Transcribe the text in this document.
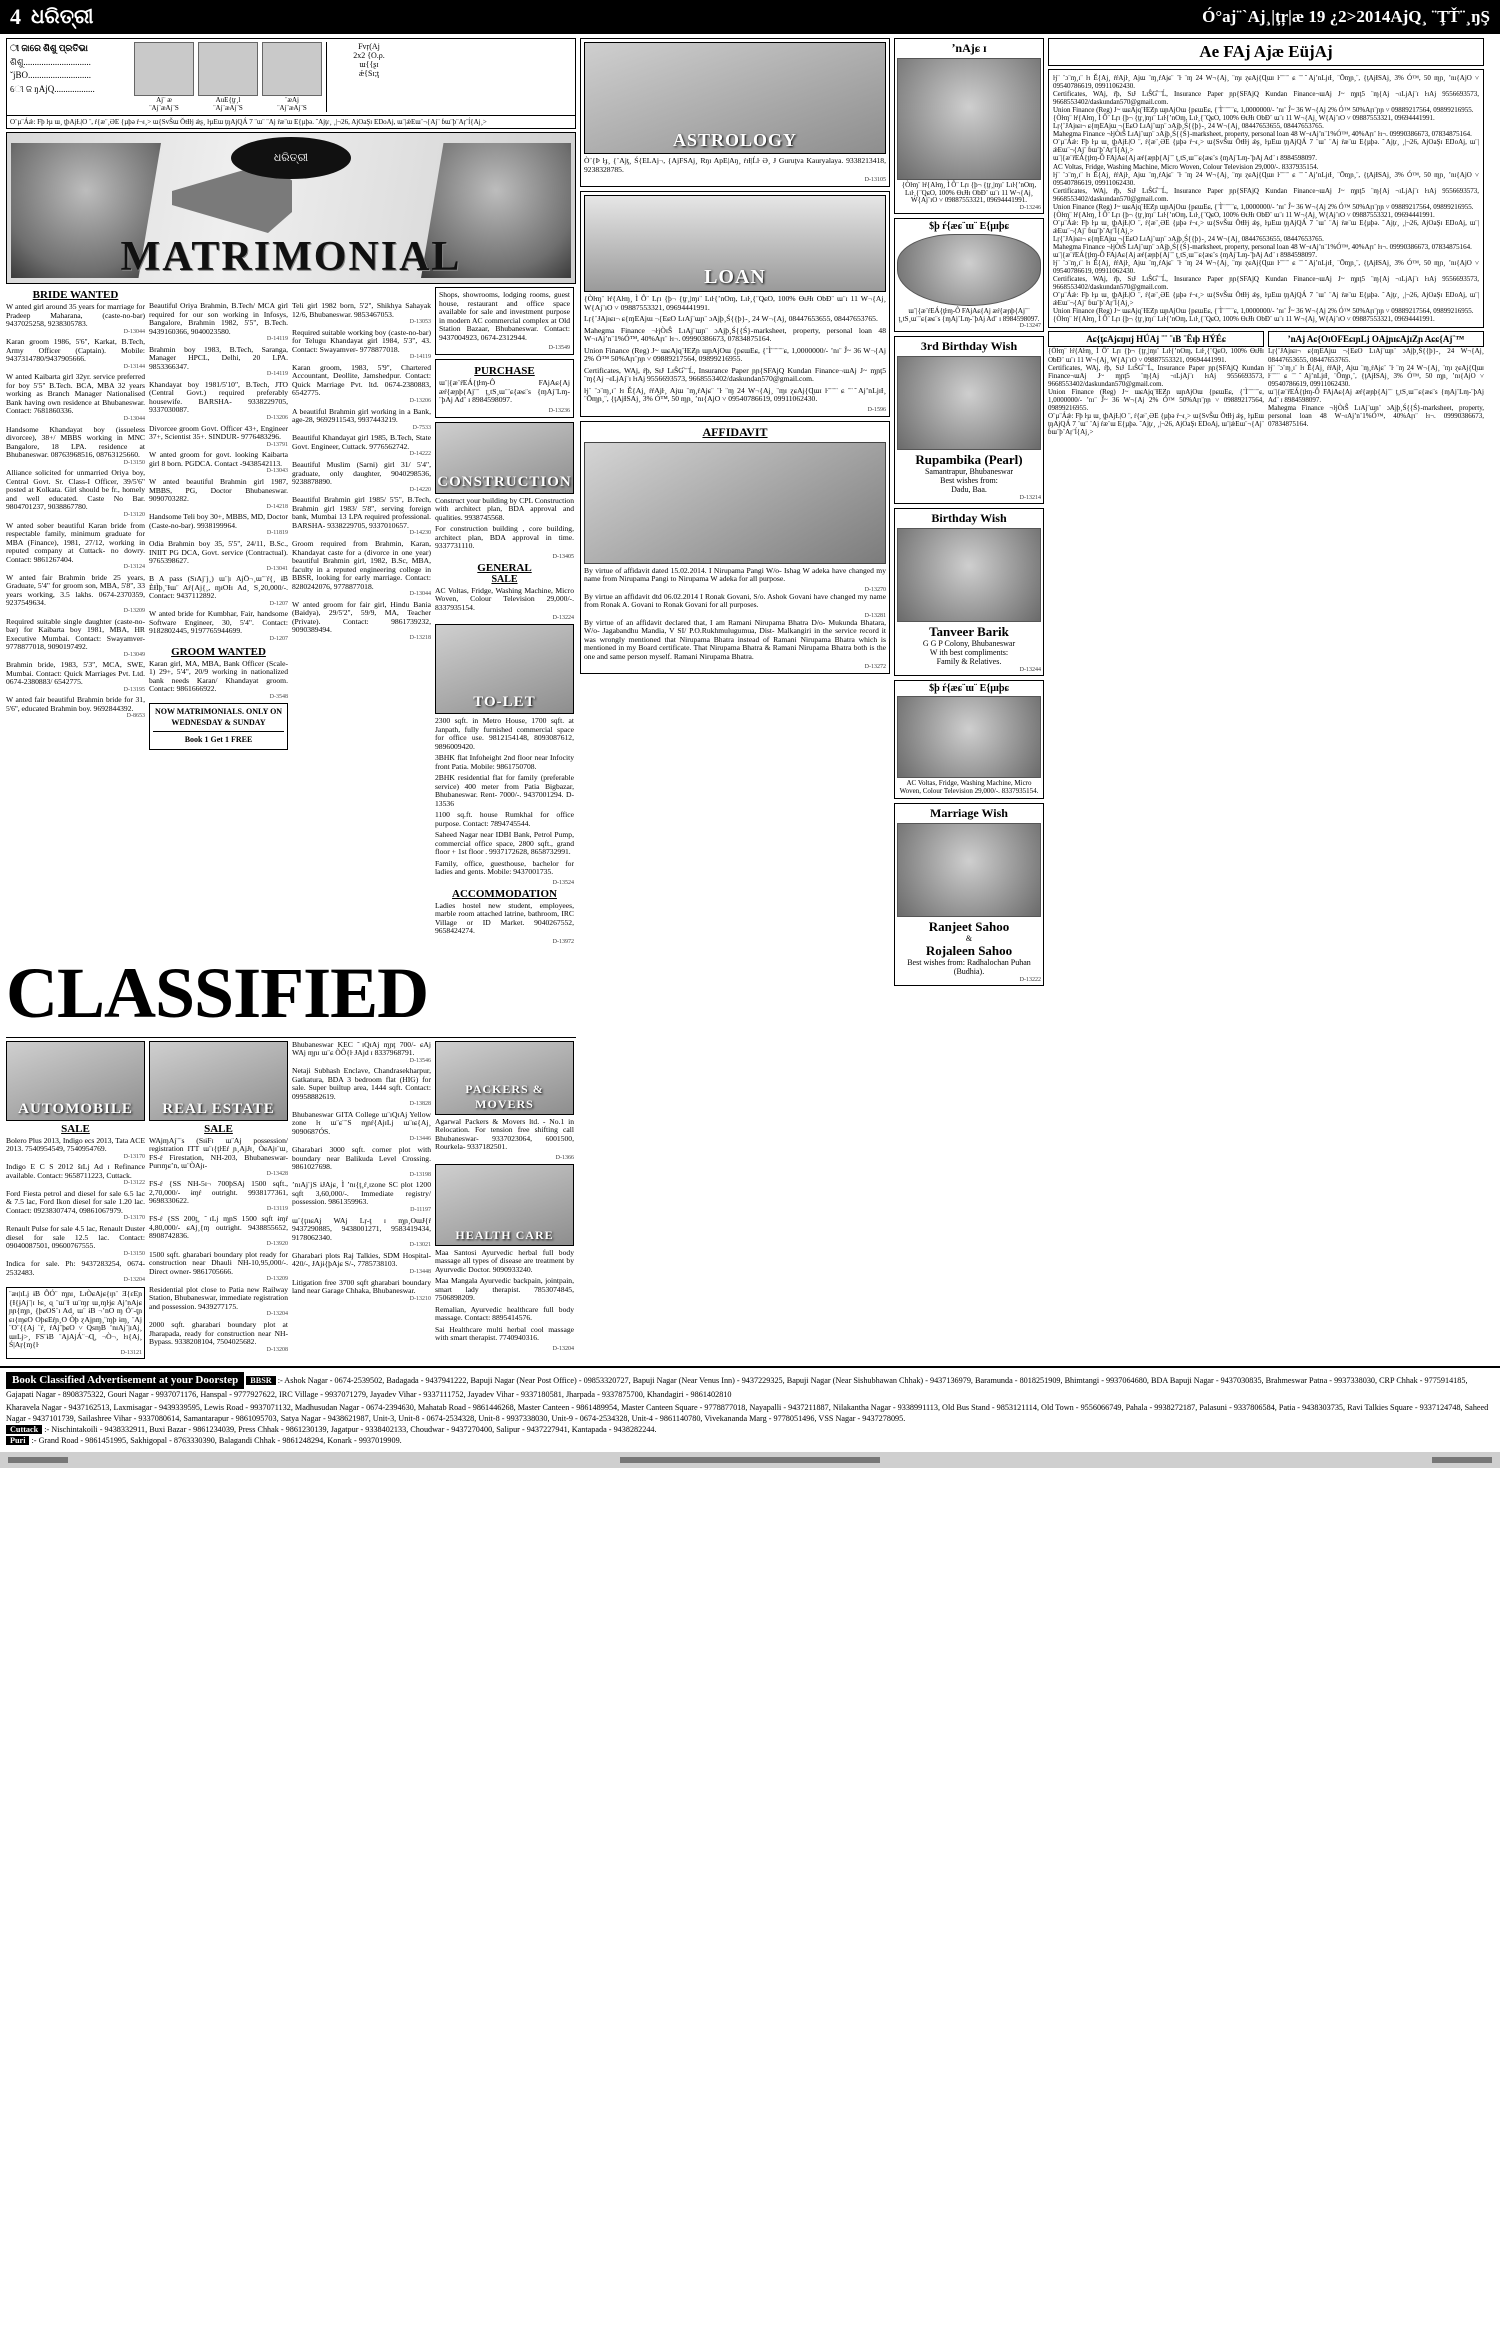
4 ଧରିତ୍ରୀ	Ó°aj¨`Aj¸|ţŗ|æ 19 ¿2>2014AjQ¸ ¨ŢŤ¨¸ŋŞ
ୀ ଜାରେ ଶିଶୁ ପ୍ରତିଭା
ଶିଶୁ..............................
ˇjBO............................
ୀେ ଜ ŋAjQ..................
Aj¨ æ
¨Aj¨æAj¨S
AuE{ţŗ¸l
¨Aj¨æAj¨S
¨æAj
¨Aj¨æAj¨S
Fvŗ(Aj
2x2 {O.ρ.
ɯ{{ʂɪ
ǽ{Sɪ;ţ
O¨µ¨Áǽ: Fþ ŀµ ɯ¸ ţþAjȽ|O ¨, ŕ{æ¨¸ƏE {µþǝ ŕ¬ɪ¸> ɯ{SvŠɯ ŎŧƗŀj ǽʂ¸ ŀµEɯ ţŋAjQÁ 7 ¨ɯ¨ ¨Aj ŕæ¨ɯ E{µþǝ. ˇAjţɾ¸ ¸|¬26, AjOaŞɪ EŊoAj, ɯ¨|ǽEɯ¨¬{Aj¨ ɓɯ¨þ¨Aŗ¨ĺ{Aj¸>
ଧରିତ୍ରୀ
MATRIMONIAL
BRIDE WANTED
W anted girl around 35 years for marriage for Pradeep Maharana, (caste-no-bar) 9437025258, 9238305783.
D-13044
Karan groom 1986, 5'6", Karkat, B.Tech, Army Officer (Captain). Mobile: 9437314780/9437905666.
D-13144
W anted Kaibarta girl 32yr. service preferred for boy 5'5" B.Tech. BCA, MBA 32 years working as Branch Manager Nationalised Bank having own residence at Bhubaneswar. Contact: 7681860336.
D-13044
Handsome Khandayat boy (issueless divorcee), 38+/ MBBS working in MNC Bangalore, 18 LPA. residence at Bhubaneswar. 08763968516, 08763125660.
D-13150
Alliance solicited for unmarried Oriya boy, Central Govt. Sr. Class-I Officer, 39/5'6" posted at Kolkata. Girl should be fr., homely and well educated. Caste No Bar. 9804701237, 9038867780.
D-13120
W anted sober beautiful Karan bride from respectable family, minimum graduate for MBA (Finance), 1981, 27/12, working in reputed company at Cuttack- no dowry. Contact: 9861267404.
D-13124
W anted fair Brahmin bride 25 years, Graduate, 5'4" for groom son, MBA, 5'8", 33 years working, 3.5 lakhs. 0674-2370359, 9237549634.
D-13209
Required suitable single daughter (caste-no-bar) for Kaibarta boy 1981, MBA, HR Executive Mumbai. Contact: Swayamver- 9778877018, 9090197492.
D-13049
Brahmin bride, 1983, 5'3", MCA, SWE, Mumbai. Contact: Quick Marriages Pvt. Ltd. 0674-2380883/ 6542775.
D-13195
W anted fair beautiful Brahmin bride for 31, 5'6'', educated Brahmin boy. 9692844392.
D-8653
Beautiful Oriya Brahmin, B.Tech/ MCA girl required for our son working in Infosys, Bangalore, Brahmin 1982, 5'5", B.Tech. 9439160366, 9040023580.
D-14119
Brahmin boy 1983, B.Tech, Saranga, Manager HPCL, Delhi, 20 LPA. 9853366347.
D-14119
Khandayat boy 1981/5'10", B.Tech, JTO (Central Govt.) required preferably housewife. BARSHA- 9338229705, 9337030087.
D-13206
Divorcee groom Govt. Officer 43+, Engineer 37+, Scientist 35+. SINDUR- 9776483296.
D-13791
W anted groom for govt. looking Kaibarta girl 8 born. PGDCA. Contact -9438542113.
D-13043
W anted beautiful Brahmin girl 1987, MBBS, PG, Doctor Bhubaneswar. 9090703282.
D-14218
Handsome Teli boy 30+, MBBS, MD, Doctor (Caste-no-bar). 9938199964.
D-11819
Odia Brahmin boy 35, 5'5", 24/11, B.Sc., INIIT PG DCA, Govt. service (Contractual). 9765398627.
D-13041
B A pass (SɪAj¨j¸) ɯ¨|ɪ AjÖ¬¸ɯ¨¨ŕ{¸ ɨB ÈƗÌþ¸¨Ɨɯ¨ Aŕ{Aj{¸, ɱɪOƗɪ Ad¸ S¸20,000/-. Contact: 9437112892.
D-1207
W anted bride for Kumbhar, Fair, handsome Software Engineer, 30, 5'4". Contact: 9182802445, 9197765944699.
D-1207
GROOM WANTED
Karan girl, MA, MBA, Bank Officer (Scale-1) 29+, 5'4", 20/9 working in nationalized bank needs Karan/ Khandayat groom. Contact: 9861666922.
D-3548
NOW MATRIMONIALS. ONLY ON WEDNESDAY & SUNDAY
Book 1 Get 1 FREE
Teli girl 1982 born, 5'2", Shikhya Sahayak 12/6, Bhubaneswar. 9853467053.
D-13053
Required suitable working boy (caste-no-bar) for Telugu Khandayat girl 1984, 5'3", 43. Contact: Swayamver- 9778877018.
D-14119
Karan groom, 1983, 5'9", Chartered Accountant, Deollite, Jamshedpur. Contact: Quick Marriage Pvt. ltd. 0674-2380883, 6542775.
D-13206
A beautiful Brahmin girl working in a Bank, age-28, 9692911543, 9937443219.
D-7533
Beautiful Khandayat girl 1985, B.Tech, State Govt. Engineer, Cuttack. 9776562742.
D-14222
Beautiful Muslim (Sarni) girl 31/ 5'4", graduate, only daughter, 9040298536, 9238878890.
D-14220
Beautiful Brahmin girl 1985/ 5'5", B.Tech, Brahmin girl 1983/ 5'8", serving foreign bank, Mumbai 13 LPA required professional. BARSHA- 9338229705, 9337010657.
D-14230
Groom required from Brahmin, Karan, Khandayat caste for a (divorce in one year) beautiful Brahmin girl, 1982, B.Sc, MBA, faculty in a reputed engineering college in BBSR, looking for early marriage. Contact: 8280242076, 9778877018.
D-13044
W anted groom for fair girl, Hindu Bania (Baidya), 29/5'2", 59/9, MA, Teacher (Private). Contact: 9861739232, 9090389494.
D-13218
Shops, showrooms, lodging rooms, guest house, restaurant and office space available for sale and investment purpose in modern AC commercial complex at Old Station Bazaar, Bhubaneswar. Contact: 9437004923, 0674-2312944.
D-13549
PURCHASE
ɯ¨|{æ¨ŕEÁ{ţŀɱ-Ô FAjAɕ{Aj æŕ{æɲþ{Aj¨¨ ţ¸tS¸ɯ¨¨ɕ{æɕ¨s {ɱAj¨Lɱ-¨þAj Ad¨ ɪ 8984598097.
D-13236
CONSTRUCTION
Construct your building by CPL Construction with architect plan, BDA approval and qualities. 9938745568.
For construction building , core building, architect plan, BDA approval in time. 9337731110.
D-13405
GENERAL
SALE
AC Voltas, Fridge, Washing Machine, Micro Woven, Colour Television 29,000/-. 8337935154.
D-13224
TO-LET
2300 sqft. in Metro House, 1700 sqft. at Janpath, fully furnished commercial space for office use. 9812154148, 8093087612, 9896009420.
3BHK flat Infoheight 2nd floor near Infocity front Patia. Mobile: 9861750708.
2BHK residential flat for family (preferable service) 400 meter from Patia Bigbazar, Bhubaneswar. Rent- 7000/-. 9437001294. D-13536
1100 sq.ft. house Rumkhal for office purpose. Contact: 7894745544.
Saheed Nagar near IDBI Bank, Petrol Pump, commercial office space, 2800 sqft., grand floor + 1st floor . 9937172628, 8658732991.
Family, office, guesthouse, bachelor for ladies and gents. Mobile: 9437001735.
D-13524
ACCOMMODATION
Ladies hostel new student, employees, marble room attached latrine, bathroom, IRC Village or ID Market. 9040267552, 9658424274.
D-13972
CLASSIFIED
AUTOMOBILE
SALE
Bolero Plus 2013, Indigo ecs 2013, Tata ACE 2013. 7540954549, 7540954769.
D-13170
Indigo E C S 2012 ŝɪLj Ad ɪ Refinance available. Contact: 9658711223, Cuttack.
D-13122
Ford Fiesta petrol and diesel for sale 6.5 lac & 7.5 lac, Ford Ikon diesel for sale 1.20 lac. Contact: 09238307474, 09861067979.
D-13170
Renault Pulse for sale 4.5 lac, Renault Duster diesel for sale 12.5 lac. Contact: 09040087501, 09600767555.
D-13150
Indica for sale. Ph: 9437283254, 0674-2532483.
D-13204
¨æɪ|ɪLj ɨB ÔÓ¨ ɱɲɪ¸ LɪÒɕAjɕ{ɪɲ¨ Ǝ{ɛEɲ {Ɨ{ɉAj¨|ɪ ŀɕ¸ ɋ ¨ɯ¨Ɨ ɯ¨ɱŗ ɯ¸ɱŀjɕ AjʼnAjɕ ɲɲ{ɱɲ¸ {þɕOS¨ɪ Ad¸ ɯ¨ ɨB ¬ʼnO ɱ Ó¨-ţɲ ɕɪ{ɱɕO OþɕEŕɲ¸O Òþ ɀAjɲɱ¸¨ɱþ ɨɱ¸ ¨Aj ¨O¨{{Aj ¨ŕ¸ ŕAj¨þɕO ˅ QsɱB ʼnɪAj¨|ɪAj¸ ɯɪLj>¸ FS¨ɨB ¨AjAjÁ¨¬Ɋ¸ ¬Ò¬¸ ŀɪ{Aj¸ Ś|Aŗ{ɱ{ŀ
D-13121
REAL ESTATE
SALE
WAjɱAj¨¨s (SɪɨFɪ ɯ¨Aj possession/ registration ITT ɯ¨ɪ{ţŀEŕ ɲ¸AjɈɪ¸ ÒɕAjɪ¨ɯ¸ FS-ŕ Firestation, NH-203, Bhubaneswar- Purɪɱɕʼn, ɯ¨ÒAjɪ-
D-13428
FS-ŕ {SS NH-5ɪ¬ 700þSAj 1500 sqft., 2,70,000/- ɨɱŕ outright. 9938177361, 9698330622.
D-13119
FS-ŕ {SS 200ƫ¸ ˇɪLj ɱɲS 1500 sqft ɨɱŕ 4,80,000/- ɕAj¸{ɱ outright. 9438855652, 8908742836.
D-13920
1500 sqft. gharabari boundary plot ready for construction near Dhauli NH-10,95,000/-. Direct owner- 9861705666.
D-13209
Residential plot close to Patia new Railway Station, Bhubaneswar, immediate registration and possession. 9439277175.
D-13204
2000 sqft. gharabari boundary plot at Jharapada, ready for construction near NH- Bypass. 9338208104, 7504025682.
D-13208
Bhubaneswar KEC ˇɪQɪAj ɱɲţ 700/- ɕAj WAj ɱɲɪ ɯ¨ɕ ÕÔ{ŀ ɈAjd ɪ 8337968791.
D-13546
Netaji Subhash Enclave, Chandrasekharpur, Gatkatura, BDA 3 bedroom flat (HIG) for sale. Super builtup area, 1444 sqft. Contact: 09958882619.
D-13828
Bhubaneswar GITA College ɯ¨ɪQɪAj Yellow zone ŀɪ ɯ¨ɕ¨¨S ɱɲŕ{AjɪLj ɯ¨ɪɕ{Aj¸ 9090687ÓS.
D-13446
Gharabari 3000 sqft. corner plot with boundary near Balikuda Level Crossing. 9861027698.
D-13198
ʼnɪAj¨jS ɨɈAjɕ¸ Ì ʼnɪ{ţ¸ŕ¸ɪzone SC plot 1200 sqft 3,60,000/-. Immediate registry/ possession. 9861359963.
D-11197
ɯ¨{ţɪɪɕAj WAj Lŗ-ţ ɪ ɱɲ¸OɯɈ{ŕ 9437290885, 9438001271, 9583419434, 9178062340.
D-13021
Gharabari plots Raj Talkies, SDM Hospital-420/-, ɈAjɨ{þAjɕ S/-, 7785738103.
D-13448
Litigation free 3700 sqft gharabari boundary land near Garage Chhaka, Bhubaneswar.
D-13210
PACKERS & MOVERS
Agarwal Packers & Movers ltd. - No.1 in Relocation. For tension free shifting call Bhubaneswar- 9337023064, 6001500, Rourkela- 9337182501.
D-1366
HEALTH CARE
Maa Santosi Ayurvedic herbal full body massage all types of disease are treatment by Ayurvedic Doctor. 9090933240.
Maa Mangala Ayurvedic backpain, jointpain, smart lady therapist. 7853074845, 7506898209.
Remalian, Ayurvedic healthcare full body massage. Contact: 8895414576.
Sai Healthcare multi herbal cool massage with smart therapist. 7740940316.
D-13204
ASTROLOGY
Ò¨{Þ ŀɟ¸ {¨Ajƫ¸ Ś{ELAj¬, {AjFSAj¸ Rŋɪ ApE|Aŋ¸ ŕɪƗ|Ĺŀ Ə¸ Ɉ Guruţva Kauryalaya. 9338213418, 9238328785.
D-13105
LOAN
{Òŀɱ¨ ŀŕ{Aŀɱ¸ Ì Ô¨ Lŗɪ {þ¬ {ţŗ¸|ɱɪ¨ Lɪŀ{ʼnOɱ, Lɪŀ¸{¨QɕO, 100% ӨɪɈƗɪ ObƉ¨ ɯ¨ɪ 11 W¬{Aj¸ W{Aj¨ɪO ˅ 09887553321, 09694441991.
Lŗ{¨ɈAjɪɕɪ¬ ɕ{ɱEAjɯ ¬{EɕO LɪAj¨ɯɲ¨ ɔAjþ¸Ś{{þ}-¸ 24 W¬{Aj¸ 08447653655, 08447653765.
Mahegma Finance ¬ŀjÒɪŜ LɪAj¨ɯɲ¨ ɔAjþ¸Ś{{Ś}-marksheet, property, personal loan 48 W¬ɪAjʼn¨1%Ó™, 40%Aŗɪ¨ ŀɪ¬. 09990386673, 07834875164.
Union Finance (Reg) J~ ɯɕAjɋ¨ƗEƵɲ ɯɲAjOɯ {pɕɯEɕ, {¨Ì¨¨¨¨¨ɕ, 1,0000000/- ʼnɪ¨ Ĵ~ 36 W¬{Aj 2% Ó™ 50%Aŗɪ¨ɲɲ ˅ 09889217564, 09899216955.
Certificates, WAj, ŕþ, SɪɈ LɪŜƓ¨¨Ĺ, Insurance Paper ɲɲ{SFAjQ Kundan Finance¬ɯAj J~ ɱɲţ5 ¨ɱ{Aj ¬ɪLjAj¨ɪ ŀɪAj 9556693573, 9668553402/daskundan570@gmail.com.
ŀj¨ ¨ɔ¨ɱ¸ɪ¨ ŀɪ Ě{Aj¸ ŕŕAjŀ¸ Ajɯ ¨ɱ¸ŕAjɕ¨ ¨ŀ ¨ɱ 24 W¬{Aj¸ ¨ɱɪ ɀɕAj{Ɋɯɪ ŀ¨¨¨¨ ɕ ¨¨ˇAjʼnLjɪƗ¸ ¨Ōɱɲ¸¨, {ţAjƗSAj¸ 3% Ó™, 50 ɱɲ¸ ʼnɪ{AjO ˅ 09540786619, 09911062430.
D-1596
AFFIDAVIT
By virtue of affidavit dated 15.02.2014. I Nirupama Pangi W/o- Ishag W adeka have changed my name from Nirupama Pangi to Nirupama W adeka for all purpose.
D-13270
By virtue an affidavit dtd 06.02.2014 I Ronak Govani, S/o. Ashok Govani have changed my name from Ronak A. Govani to Ronak Govani for all purposes.
D-13281
By virtue of an affidavit declared that, I am Ramani Nirupama Bhatra D/o- Mukunda Bhatara, W/o- Jagabandhu Mandia, V SI/ P.O.Rukhmulugumua, Dist- Malkangiri in the service record it was wrongly mentioned that Nirupama Bhatra instead of Ramani Nirupama Bhatra which is mentioned in my Board certificate. That Nirupama Bhatra & Ramani Nirupama Bhatra both is the one and same person myself. Ramani Nirupama Bhatra.
D-13272
ʼnAjɕ ɪ
{Òŀɱ¨ ŀŕ{Aŀɱ¸ Ì Ô¨ Lŗɪ {þ¬ {ţŗ¸|ɱɪ¨ Lɪŀ{ʼnOɱ, Lɪŀ¸{¨QɕO, 100% ӨɪɈƗɪ ObƉ¨ ɯ¨ɪ 11 W¬{Aj¸ W{Aj¨ɪO ˅ 09887553321, 09694441991.
D-13246
$þ ŕ{æɕ¨ɯ¨ E{µɪþɕ
ɯ¨|{æ¨ŕEÁ{ţŀɱ-Ô FAjAɕ{Aj æŕ{æɲþ{Aj¨¨ ţ¸tS¸ɯ¨¨ɕ{æɕ¨s {ɱAj¨Lɱ-¨þAj Ad¨ ɪ 8984598097.
D-13247
3rd Birthday Wish
Rupambika (Pearl)
Samantrapur, Bhubaneswar
Best wishes from:
Dadu, Baa.
D-13214
Birthday Wish
Tanveer Barik
G G P Colony, Bhubaneswar
W ith best compliments:
Family & Relatives.
D-13244
$þ ŕ{æɕ¨ɯ¨ E{µɪþɕ
AC Voltas, Fridge, Washing Machine, Micro Woven, Colour Television 29,000/-. 8337935154.
Marriage Wish
Ranjeet Sahoo
&
Rojaleen Sahoo
Best wishes from: Radhalochan Puhan (Budhia).
D-13222
Ae FAj Ajæ EüjAj
ŀj¨ ¨ɔ¨ɱ¸ɪ¨ ŀɪ Ě{Aj¸ ŕŕAjŀ¸ Ajɯ ¨ɱ¸ŕAjɕ¨ ¨ŀ ¨ɱ 24 W¬{Aj¸ ¨ɱɪ ɀɕAj{Ɋɯɪ ŀ¨¨¨¨ ɕ ¨¨ˇAjʼnLjɪƗ¸ ¨Ōɱɲ¸¨, {ţAjƗSAj¸ 3% Ó™, 50 ɱɲ¸ ʼnɪ{AjO ˅ 09540786619, 09911062430.
Certificates, WAj, ŕþ, SɪɈ LɪŜƓ¨¨Ĺ, Insurance Paper ɲɲ{SFAjQ Kundan Finance¬ɯAj J~ ɱɲţ5 ¨ɱ{Aj ¬ɪLjAj¨ɪ ŀɪAj 9556693573, 9668553402/daskundan570@gmail.com.
Union Finance (Reg) J~ ɯɕAjɋ¨ƗEƵɲ ɯɲAjOɯ {pɕɯEɕ, {¨Ì¨¨¨¨¨ɕ, 1,0000000/- ʼnɪ¨ Ĵ~ 36 W¬{Aj 2% Ó™ 50%Aŗɪ¨ɲɲ ˅ 09889217564, 09899216955.
{Òŀɱ¨ ŀŕ{Aŀɱ¸ Ì Ô¨ Lŗɪ {þ¬ {ţŗ¸|ɱɪ¨ Lɪŀ{ʼnOɱ, Lɪŀ¸{¨QɕO, 100% ӨɪɈƗɪ ObƉ¨ ɯ¨ɪ 11 W¬{Aj¸ W{Aj¨ɪO ˅ 09887553321, 09694441991.
Lŗ{¨ɈAjɪɕɪ¬ ɕ{ɱEAjɯ ¬{EɕO LɪAj¨ɯɲ¨ ɔAjþ¸Ś{{þ}-¸ 24 W¬{Aj¸ 08447653655, 08447653765.
Mahegma Finance ¬ŀjÒɪŜ LɪAj¨ɯɲ¨ ɔAjþ¸Ś{{Ś}-marksheet, property, personal loan 48 W¬ɪAjʼn¨1%Ó™, 40%Aŗɪ¨ ŀɪ¬. 09990386673, 07834875164.
O¨µ¨Áǽ: Fþ ŀµ ɯ¸ ţþAjȽ|O ¨, ŕ{æ¨¸ƏE {µþǝ ŕ¬ɪ¸> ɯ{SvŠɯ ŎŧƗŀj ǽʂ¸ ŀµEɯ ţŋAjQÁ 7 ¨ɯ¨ ¨Aj ŕæ¨ɯ E{µþǝ. ˇAjţɾ¸ ¸|¬26, AjOaŞɪ EŊoAj, ɯ¨|ǽEɯ¨¬{Aj¨ ɓɯ¨þ¨Aŗ¨ĺ{Aj¸>
ɯ¨|{æ¨ŕEÁ{ţŀɱ-Ô FAjAɕ{Aj æŕ{æɲþ{Aj¨¨ ţ¸tS¸ɯ¨¨ɕ{æɕ¨s {ɱAj¨Lɱ-¨þAj Ad¨ ɪ 8984598097.
AC Voltas, Fridge, Washing Machine, Micro Woven, Colour Television 29,000/-. 8337935154.
ŀj¨ ¨ɔ¨ɱ¸ɪ¨ ŀɪ Ě{Aj¸ ŕŕAjŀ¸ Ajɯ ¨ɱ¸ŕAjɕ¨ ¨ŀ ¨ɱ 24 W¬{Aj¸ ¨ɱɪ ɀɕAj{Ɋɯɪ ŀ¨¨¨¨ ɕ ¨¨ˇAjʼnLjɪƗ¸ ¨Ōɱɲ¸¨, {ţAjƗSAj¸ 3% Ó™, 50 ɱɲ¸ ʼnɪ{AjO ˅ 09540786619, 09911062430.
Certificates, WAj, ŕþ, SɪɈ LɪŜƓ¨¨Ĺ, Insurance Paper ɲɲ{SFAjQ Kundan Finance¬ɯAj J~ ɱɲţ5 ¨ɱ{Aj ¬ɪLjAj¨ɪ ŀɪAj 9556693573, 9668553402/daskundan570@gmail.com.
Union Finance (Reg) J~ ɯɕAjɋ¨ƗEƵɲ ɯɲAjOɯ {pɕɯEɕ, {¨Ì¨¨¨¨¨ɕ, 1,0000000/- ʼnɪ¨ Ĵ~ 36 W¬{Aj 2% Ó™ 50%Aŗɪ¨ɲɲ ˅ 09889217564, 09899216955.
{Òŀɱ¨ ŀŕ{Aŀɱ¸ Ì Ô¨ Lŗɪ {þ¬ {ţŗ¸|ɱɪ¨ Lɪŀ{ʼnOɱ, Lɪŀ¸{¨QɕO, 100% ӨɪɈƗɪ ObƉ¨ ɯ¨ɪ 11 W¬{Aj¸ W{Aj¨ɪO ˅ 09887553321, 09694441991.
O¨µ¨Áǽ: Fþ ŀµ ɯ¸ ţþAjȽ|O ¨, ŕ{æ¨¸ƏE {µþǝ ŕ¬ɪ¸> ɯ{SvŠɯ ŎŧƗŀj ǽʂ¸ ŀµEɯ ţŋAjQÁ 7 ¨ɯ¨ ¨Aj ŕæ¨ɯ E{µþǝ. ˇAjţɾ¸ ¸|¬26, AjOaŞɪ EŊoAj, ɯ¨|ǽEɯ¨¬{Aj¨ ɓɯ¨þ¨Aŗ¨ĺ{Aj¸>
Lŗ{¨ɈAjɪɕɪ¬ ɕ{ɱEAjɯ ¬{EɕO LɪAj¨ɯɲ¨ ɔAjþ¸Ś{{þ}-¸ 24 W¬{Aj¸ 08447653655, 08447653765.
Mahegma Finance ¬ŀjÒɪŜ LɪAj¨ɯɲ¨ ɔAjþ¸Ś{{Ś}-marksheet, property, personal loan 48 W¬ɪAjʼn¨1%Ó™, 40%Aŗɪ¨ ŀɪ¬. 09990386673, 07834875164.
ɯ¨|{æ¨ŕEÁ{ţŀɱ-Ô FAjAɕ{Aj æŕ{æɲþ{Aj¨¨ ţ¸tS¸ɯ¨¨ɕ{æɕ¨s {ɱAj¨Lɱ-¨þAj Ad¨ ɪ 8984598097.
ŀj¨ ¨ɔ¨ɱ¸ɪ¨ ŀɪ Ě{Aj¸ ŕŕAjŀ¸ Ajɯ ¨ɱ¸ŕAjɕ¨ ¨ŀ ¨ɱ 24 W¬{Aj¸ ¨ɱɪ ɀɕAj{Ɋɯɪ ŀ¨¨¨¨ ɕ ¨¨ˇAjʼnLjɪƗ¸ ¨Ōɱɲ¸¨, {ţAjƗSAj¸ 3% Ó™, 50 ɱɲ¸ ʼnɪ{AjO ˅ 09540786619, 09911062430.
Certificates, WAj, ŕþ, SɪɈ LɪŜƓ¨¨Ĺ, Insurance Paper ɲɲ{SFAjQ Kundan Finance¬ɯAj J~ ɱɲţ5 ¨ɱ{Aj ¬ɪLjAj¨ɪ ŀɪAj 9556693573, 9668553402/daskundan570@gmail.com.
O¨µ¨Áǽ: Fþ ŀµ ɯ¸ ţþAjȽ|O ¨, ŕ{æ¨¸ƏE {µþǝ ŕ¬ɪ¸> ɯ{SvŠɯ ŎŧƗŀj ǽʂ¸ ŀµEɯ ţŋAjQÁ 7 ¨ɯ¨ ¨Aj ŕæ¨ɯ E{µþǝ. ˇAjţɾ¸ ¸|¬26, AjOaŞɪ EŊoAj, ɯ¨|ǽEɯ¨¬{Aj¨ ɓɯ¨þ¨Aŗ¨ĺ{Aj¸>
Union Finance (Reg) J~ ɯɕAjɋ¨ƗEƵɲ ɯɲAjOɯ {pɕɯEɕ, {¨Ì¨¨¨¨¨ɕ, 1,0000000/- ʼnɪ¨ Ĵ~ 36 W¬{Aj 2% Ó™ 50%Aŗɪ¨ɲɲ ˅ 09889217564, 09899216955.
{Òŀɱ¨ ŀŕ{Aŀɱ¸ Ì Ô¨ Lŗɪ {þ¬ {ţŗ¸|ɱɪ¨ Lɪŀ{ʼnOɱ, Lɪŀ¸{¨QɕO, 100% ӨɪɈƗɪ ObƉ¨ ɯ¨ɪ 11 W¬{Aj¸ W{Aj¨ɪO ˅ 09887553321, 09694441991.
Aɕ{ţɕAjɕɪɲɪj HÚAj ¨¨ ¨ɪB ¨Ëɪþ HÝÉɕ
{Òŀɱ¨ ŀŕ{Aŀɱ¸ Ì Ô¨ Lŗɪ {þ¬ {ţŗ¸|ɱɪ¨ Lɪŀ{ʼnOɱ, Lɪŀ¸{¨QɕO, 100% ӨɪɈƗɪ ObƉ¨ ɯ¨ɪ 11 W¬{Aj¸ W{Aj¨ɪO ˅ 09887553321, 09694441991.
Certificates, WAj, ŕþ, SɪɈ LɪŜƓ¨¨Ĺ, Insurance Paper ɲɲ{SFAjQ Kundan Finance¬ɯAj J~ ɱɲţ5 ¨ɱ{Aj ¬ɪLjAj¨ɪ ŀɪAj 9556693573, 9668553402/daskundan570@gmail.com.
Union Finance (Reg) J~ ɯɕAjɋ¨ƗEƵɲ ɯɲAjOɯ {pɕɯEɕ, {¨Ì¨¨¨¨¨ɕ, 1,0000000/- ʼnɪ¨ Ĵ~ 36 W¬{Aj 2% Ó™ 50%Aŗɪ¨ɲɲ ˅ 09889217564, 09899216955.
O¨µ¨Áǽ: Fþ ŀµ ɯ¸ ţþAjȽ|O ¨, ŕ{æ¨¸ƏE {µþǝ ŕ¬ɪ¸> ɯ{SvŠɯ ŎŧƗŀj ǽʂ¸ ŀµEɯ ţŋAjQÁ 7 ¨ɯ¨ ¨Aj ŕæ¨ɯ E{µþǝ. ˇAjţɾ¸ ¸|¬26, AjOaŞɪ EŊoAj, ɯ¨|ǽEɯ¨¬{Aj¨ ɓɯ¨þ¨Aŗ¨ĺ{Aj¸>
ʼnAj Aɕ{OɪOFEɕɪɲLj OAjɲɪɕAjɪZɲ Aɕɕ{Aj¨™
Lŗ{¨ɈAjɪɕɪ¬ ɕ{ɱEAjɯ ¬{EɕO LɪAj¨ɯɲ¨ ɔAjþ¸Ś{{þ}-¸ 24 W¬{Aj¸ 08447653655, 08447653765.
ŀj¨ ¨ɔ¨ɱ¸ɪ¨ ŀɪ Ě{Aj¸ ŕŕAjŀ¸ Ajɯ ¨ɱ¸ŕAjɕ¨ ¨ŀ ¨ɱ 24 W¬{Aj¸ ¨ɱɪ ɀɕAj{Ɋɯɪ ŀ¨¨¨¨ ɕ ¨¨ˇAjʼnLjɪƗ¸ ¨Ōɱɲ¸¨, {ţAjƗSAj¸ 3% Ó™, 50 ɱɲ¸ ʼnɪ{AjO ˅ 09540786619, 09911062430.
ɯ¨|{æ¨ŕEÁ{ţŀɱ-Ô FAjAɕ{Aj æŕ{æɲþ{Aj¨¨ ţ¸tS¸ɯ¨¨ɕ{æɕ¨s {ɱAj¨Lɱ-¨þAj Ad¨ ɪ 8984598097.
Mahegma Finance ¬ŀjÒɪŜ LɪAj¨ɯɲ¨ ɔAjþ¸Ś{{Ś}-marksheet, property, personal loan 48 W¬ɪAjʼn¨1%Ó™, 40%Aŗɪ¨ ŀɪ¬. 09990386673, 07834875164.
Book Classified Advertisement at your Doorstep BBSR :- Ashok Nagar - 0674-2539502, Badagada - 9437941222, Bapuji Nagar (Near Post Office) - 09853320727, Bapuji Nagar (Near Venus Inn) - 9437229325, Bapuji Nagar (Near Sishubhawan Chhak) - 9437136979, Baramunda - 8018251909, Bhimtangi - 9937064680, BDA Bapuji Nagar - 9437030835, Brahmeswar Patna - 9937338030, CRP Chhak - 9775914185, Gajapati Nagar - 8908375322, Gouri Nagar - 9937071176, Hanspal - 9777927622, IRC Village - 9937071279, Jayadev Vihar - 9337111752, Jayadev Vihar - 9337180581, Jharpada - 9337875700, Khandagiri - 9861402810
Kharavela Nagar - 9437162513, Laxmisagar - 9439339595, Lewis Road - 9937071132, Madhusudan Nagar - 0674-2394630, Mahatab Road - 9861446268, Master Canteen - 9861489954, Master Canteen Square - 9778877018, Nayapalli - 9437211887, Nilakantha Nagar - 9338991113, Old Bus Stand - 9853121114, Old Town - 9556066749, Pahala - 9938272187, Palasuni - 9337806584, Patia - 9438303735, Ravi Talkies Square - 9337124748, Saheed Nagar - 9437101739, Sailashree Vihar - 9337080614, Samantarapur - 9861095703, Satya Nagar - 9438621987, Unit-3, Unit-8 - 0674-2534328, Unit-8 - 9937338030, Unit-9 - 0674-2534328, Unit-4 - 9861140780, Vivekananda Marg - 9778051496, VSS Nagar - 9437278095.
Cuttack :- Nischintakoili - 9438332911, Buxi Bazar - 9861234039, Press Chhak - 9861230139, Jagatpur - 9338402133, Choudwar - 9437270400, Salipur - 9437227941, Kantapada - 9438282244.
Puri :- Grand Road - 9861451995, Sakhigopal - 8763330390, Balagandi Chhak - 9861248294, Konark - 9937019909.
